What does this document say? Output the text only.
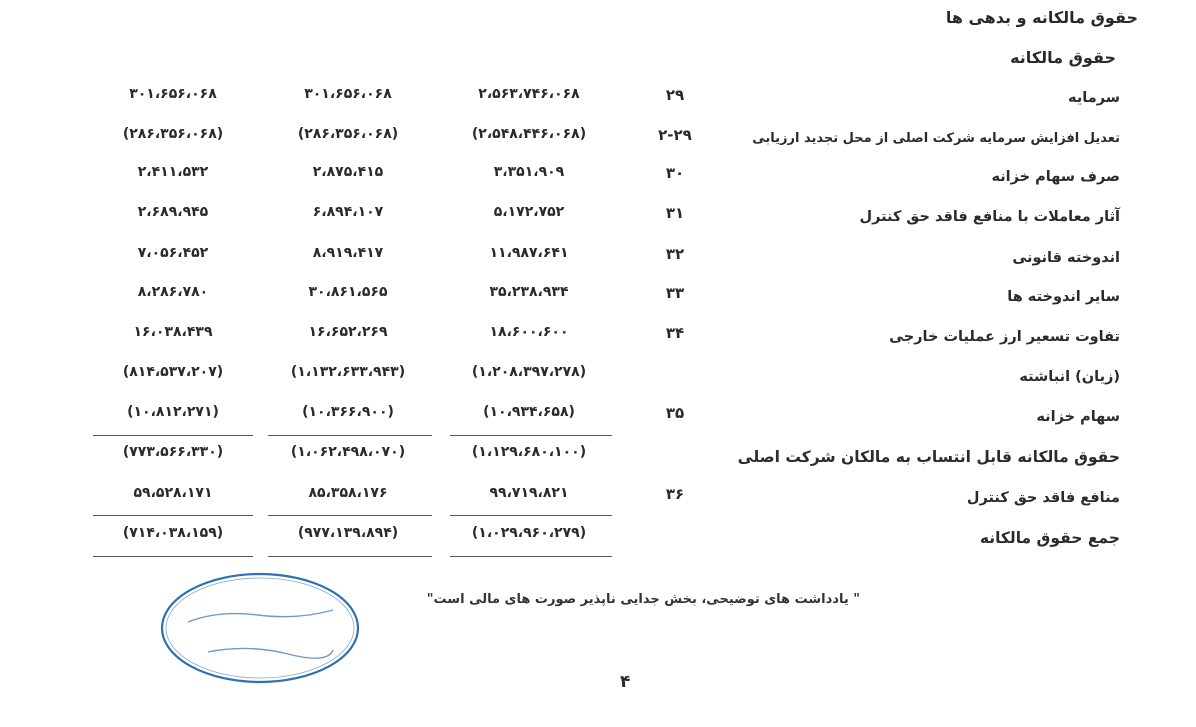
حقوق مالکانه و بدهی ها
حقوق مالکانه
سرمایه
۲۹
۲،۵۶۳،۷۴۶،۰۶۸
۳۰۱،۶۵۶،۰۶۸
۳۰۱،۶۵۶،۰۶۸
تعدیل افزایش سرمایه شرکت اصلی از محل تجدید ارزیابی
۲-۲۹
(۲،۵۴۸،۴۴۶،۰۶۸)
(۲۸۶،۳۵۶،۰۶۸)
(۲۸۶،۳۵۶،۰۶۸)
صرف سهام خزانه
۳۰
۳،۳۵۱،۹۰۹
۲،۸۷۵،۴۱۵
۲،۴۱۱،۵۳۲
آثار معاملات با منافع فاقد حق کنترل
۳۱
۵،۱۷۲،۷۵۲
۶،۸۹۴،۱۰۷
۲،۶۸۹،۹۴۵
اندوخته قانونی
۳۲
۱۱،۹۸۷،۶۴۱
۸،۹۱۹،۴۱۷
۷،۰۵۶،۴۵۲
سایر اندوخته ها
۳۳
۳۵،۲۳۸،۹۳۴
۳۰،۸۶۱،۵۶۵
۸،۲۸۶،۷۸۰
تفاوت تسعیر ارز عملیات خارجی
۳۴
۱۸،۶۰۰،۶۰۰
۱۶،۶۵۲،۲۶۹
۱۶،۰۳۸،۴۳۹
(زیان) انباشته
(۱،۲۰۸،۳۹۷،۲۷۸)
(۱،۱۳۲،۶۳۳،۹۴۳)
(۸۱۴،۵۳۷،۲۰۷)
سهام خزانه
۳۵
(۱۰،۹۳۴،۶۵۸)
(۱۰،۳۶۶،۹۰۰)
(۱۰،۸۱۲،۲۷۱)
حقوق مالکانه قابل انتساب به مالکان شرکت اصلی
(۱،۱۲۹،۶۸۰،۱۰۰)
(۱،۰۶۲،۴۹۸،۰۷۰)
(۷۷۳،۵۶۶،۳۳۰)
منافع فاقد حق کنترل
۳۶
۹۹،۷۱۹،۸۲۱
۸۵،۳۵۸،۱۷۶
۵۹،۵۲۸،۱۷۱
جمع حقوق مالکانه
(۱،۰۲۹،۹۶۰،۲۷۹)
(۹۷۷،۱۳۹،۸۹۴)
(۷۱۴،۰۳۸،۱۵۹)
" یادداشت های توضیحی، بخش جدایی ناپذیر صورت های مالی است"
۴
